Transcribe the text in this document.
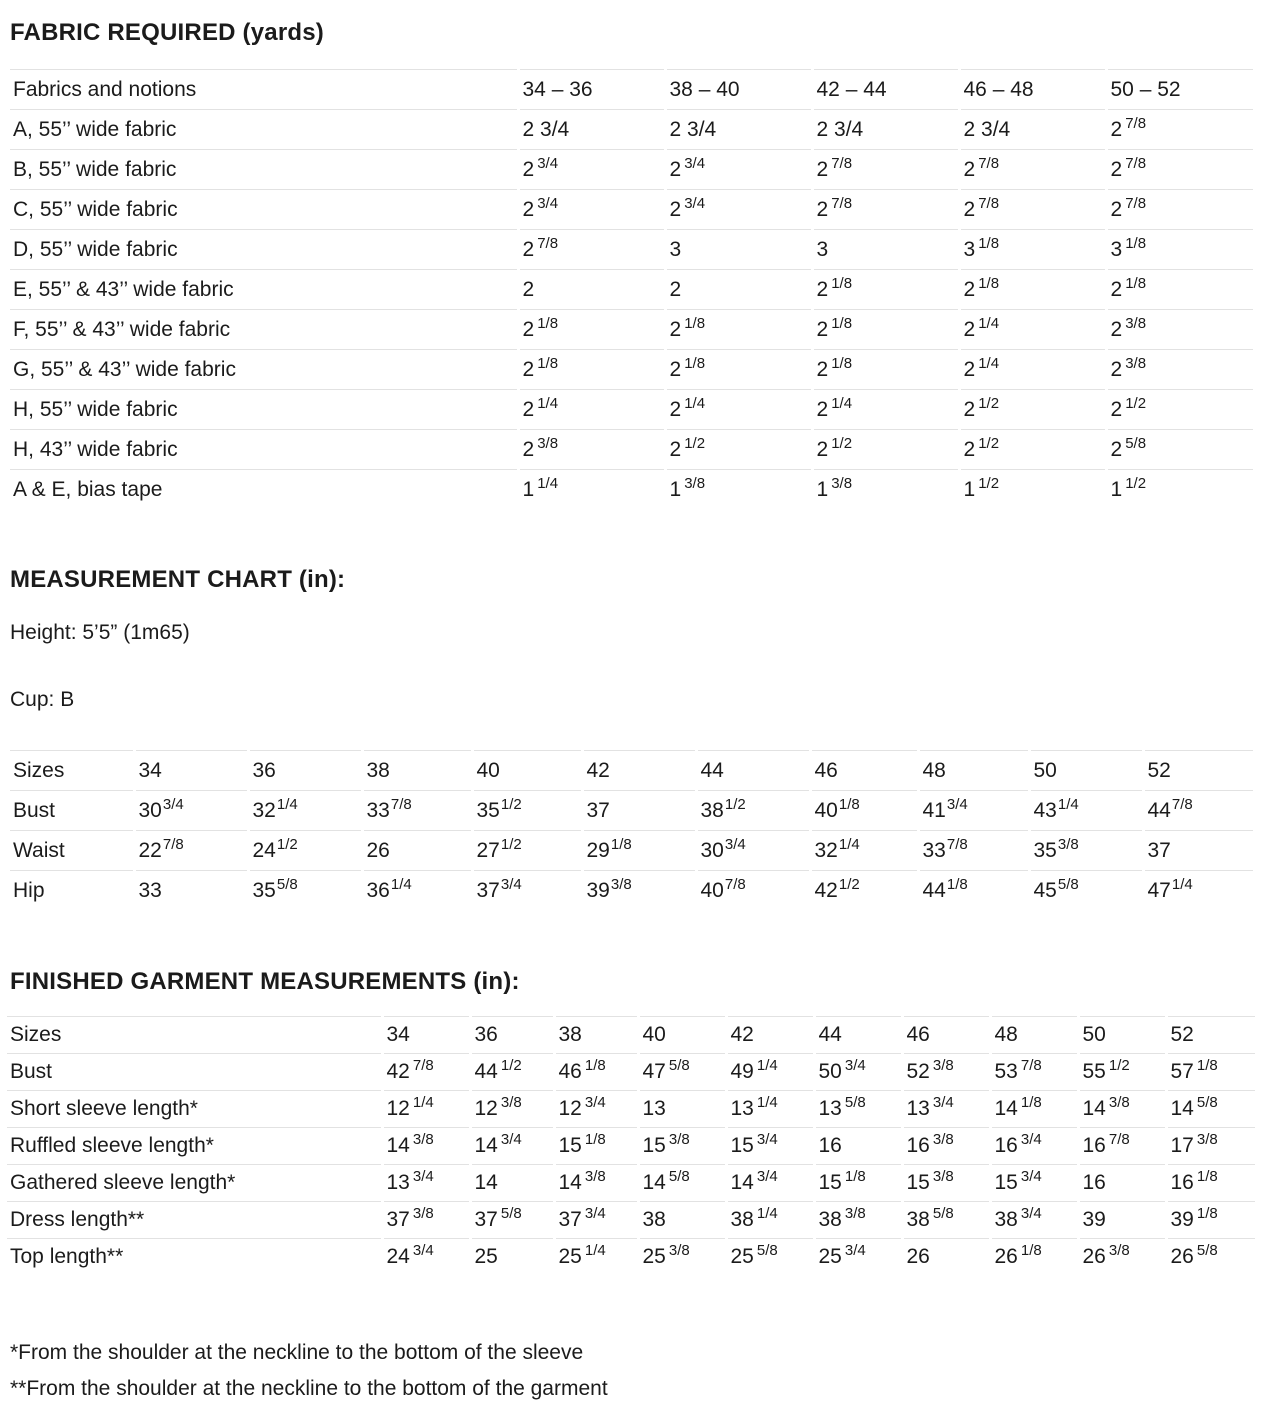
FABRIC REQUIRED (yards)
Fabrics and notions	34 – 36	38 – 40	42 – 44	46 – 48	50 – 52
A, 55’’ wide fabric	2 3/4	2 3/4	2 3/4	2 3/4	2 $^{7/8}$
B, 55’’ wide fabric	2 $^{3/4}$	2 $^{3/4}$	2 $^{7/8}$	2 $^{7/8}$	2 $^{7/8}$
C, 55’’ wide fabric	2 $^{3/4}$	2 $^{3/4}$	2 $^{7/8}$	2 $^{7/8}$	2 $^{7/8}$
D, 55’’ wide fabric	2 $^{7/8}$	3	3	3 $^{1/8}$	3 $^{1/8}$
E, 55’’ & 43’’ wide fabric	2	2	2 $^{1/8}$	2 $^{1/8}$	2 $^{1/8}$
F, 55’’ & 43’’ wide fabric	2 $^{1/8}$	2 $^{1/8}$	2 $^{1/8}$	2 $^{1/4}$	2 $^{3/8}$
G, 55’’ & 43’’ wide fabric	2 $^{1/8}$	2 $^{1/8}$	2 $^{1/8}$	2 $^{1/4}$	2 $^{3/8}$
H, 55’’ wide fabric	2 $^{1/4}$	2 $^{1/4}$	2 $^{1/4}$	2 $^{1/2}$	2 $^{1/2}$
H, 43’’ wide fabric	2 $^{3/8}$	2 $^{1/2}$	2 $^{1/2}$	2 $^{1/2}$	2 $^{5/8}$
A & E, bias tape	1 $^{1/4}$	1 $^{3/8}$	1 $^{3/8}$	1 $^{1/2}$	1 $^{1/2}$
MEASUREMENT CHART (in):

Height: 5’5” (1m65)

Cup: B

Sizes	34	36	38	40	42	44	46	48	50	52
Bust	$30^{3/4}$	$32^{1/4}$	$33^{7/8}$	$35^{1/2}$	37	$38^{1/2}$	$40^{1/8}$	$41^{3/4}$	$43^{1/4}$	$44^{7/8}$
Waist	$22^{7/8}$	$24^{1/2}$	26	$27^{1/2}$	$29^{1/8}$	$30^{3/4}$	$32^{1/4}$	$33^{7/8}$	$35^{3/8}$	37
Hip	33	$35^{5/8}$	$36^{1/4}$	$37^{3/4}$	$39^{3/8}$	$40^{7/8}$	$42^{1/2}$	$44^{1/8}$	$45^{5/8}$	$47^{1/4}$
FINISHED GARMENT MEASUREMENTS (in):
Sizes	34	36	38	40	42	44	46	48	50	52
Bust	42 $^{7/8}$	44 $^{1/2}$	46 $^{1/8}$	47 $^{5/8}$	49 $^{1/4}$	50 $^{3/4}$	52 $^{3/8}$	53 $^{7/8}$	55 $^{1/2}$	57 $^{1/8}$
Short sleeve length*	12 $^{1/4}$	12 $^{3/8}$	12 $^{3/4}$	13	13 $^{1/4}$	13 $^{5/8}$	13 $^{3/4}$	14 $^{1/8}$	14 $^{3/8}$	14 $^{5/8}$
Ruffled sleeve length*	14 $^{3/8}$	14 $^{3/4}$	15 $^{1/8}$	15 $^{3/8}$	15 $^{3/4}$	16	16 $^{3/8}$	16 $^{3/4}$	16 $^{7/8}$	17 $^{3/8}$
Gathered sleeve length*	13 $^{3/4}$	14	14 $^{3/8}$	14 $^{5/8}$	14 $^{3/4}$	15 $^{1/8}$	15 $^{3/8}$	15 $^{3/4}$	16	16 $^{1/8}$
Dress length**	37 $^{3/8}$	37 $^{5/8}$	37 $^{3/4}$	38	38 $^{1/4}$	38 $^{3/8}$	38 $^{5/8}$	38 $^{3/4}$	39	39 $^{1/8}$
Top length**	24 $^{3/4}$	25	25 $^{1/4}$	25 $^{3/8}$	25 $^{5/8}$	25 $^{3/4}$	26	26 $^{1/8}$	26 $^{3/8}$	26 $^{5/8}$

*From the shoulder at the neckline to the bottom of the sleeve

**From the shoulder at the neckline to the bottom of the garment
